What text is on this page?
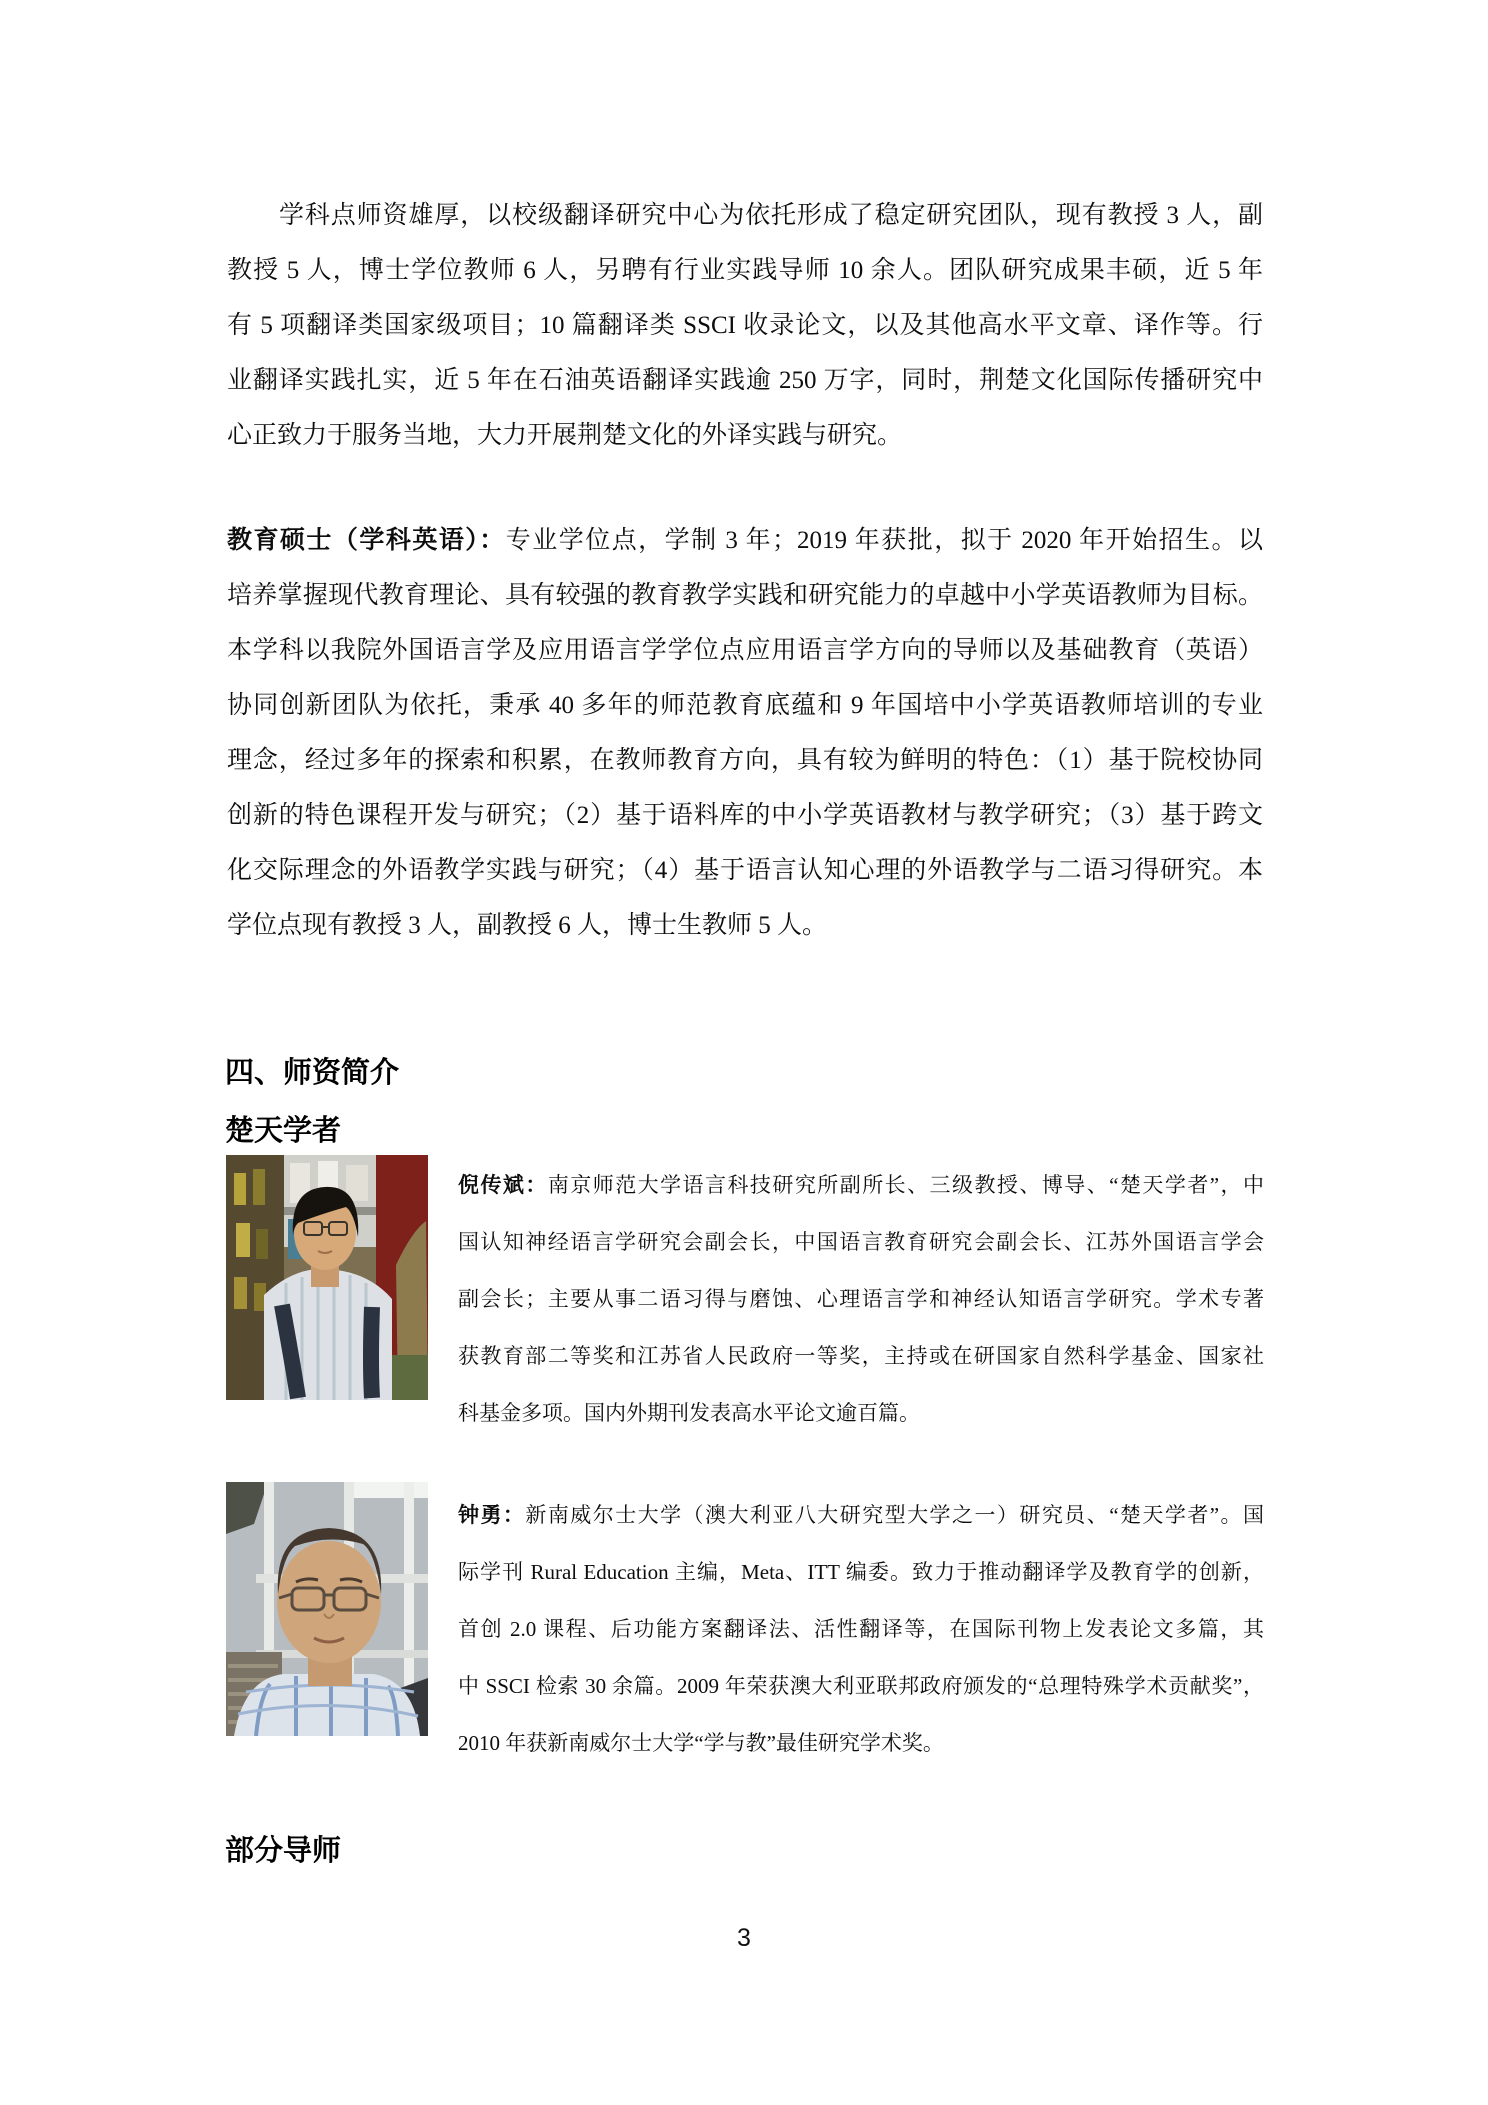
学科点师资雄厚，以校级翻译研究中心为依托形成了稳定研究团队，现有教授 3 人，副
教授 5 人，博士学位教师 6 人，另聘有行业实践导师 10 余人。团队研究成果丰硕，近 5 年
有 5 项翻译类国家级项目；10 篇翻译类 SSCI 收录论文，以及其他高水平文章、译作等。行
业翻译实践扎实，近 5 年在石油英语翻译实践逾 250 万字，同时，荆楚文化国际传播研究中
心正致力于服务当地，大力开展荆楚文化的外译实践与研究。
教育硕士（学科英语）：专业学位点，学制 3 年；2019 年获批，拟于 2020 年开始招生。以
培养掌握现代教育理论、具有较强的教育教学实践和研究能力的卓越中小学英语教师为目标。
本学科以我院外国语言学及应用语言学学位点应用语言学方向的导师以及基础教育（英语）
协同创新团队为依托，秉承 40 多年的师范教育底蕴和 9 年国培中小学英语教师培训的专业
理念，经过多年的探索和积累，在教师教育方向，具有较为鲜明的特色：（1）基于院校协同
创新的特色课程开发与研究；（2）基于语料库的中小学英语教材与教学研究；（3）基于跨文
化交际理念的外语教学实践与研究；（4）基于语言认知心理的外语教学与二语习得研究。本
学位点现有教授 3 人，副教授 6 人，博士生教师 5 人。
四、师资简介
楚天学者
倪传斌：南京师范大学语言科技研究所副所长、三级教授、博导、“楚天学者”，中
国认知神经语言学研究会副会长，中国语言教育研究会副会长、江苏外国语言学会
副会长；主要从事二语习得与磨蚀、心理语言学和神经认知语言学研究。学术专著
获教育部二等奖和江苏省人民政府一等奖，主持或在研国家自然科学基金、国家社
科基金多项。国内外期刊发表高水平论文逾百篇。
钟勇：新南威尔士大学（澳大利亚八大研究型大学之一）研究员、“楚天学者”。国
际学刊 Rural Education 主编，Meta、ITT 编委。致力于推动翻译学及教育学的创新，
首创 2.0 课程、后功能方案翻译法、活性翻译等，在国际刊物上发表论文多篇，其
中 SSCI 检索 30 余篇。2009 年荣获澳大利亚联邦政府颁发的“总理特殊学术贡献奖”，
2010 年获新南威尔士大学“学与教”最佳研究学术奖。
部分导师
3
